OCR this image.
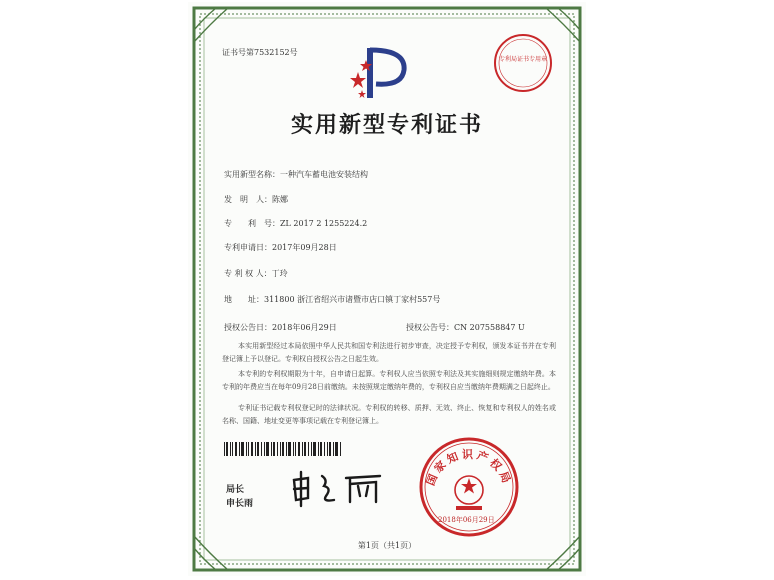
证书号第7532152号
专利局证书专用章
实用新型专利证书
实用新型名称：一种汽车蓄电池安装结构
发　明　人：陈娜
专　　利　号：ZL 2017 2 1255224.2
专利申请日：2017年09月28日
专 利 权 人：丁玲
地　　址：311800 浙江省绍兴市诸暨市店口镇丁家村557号
授权公告日：2018年06月29日	授权公告号：CN 207558847 U
本实用新型经过本局依照中华人民共和国专利法进行初步审查，决定授予专利权，颁发本证书并在专利登记簿上予以登记。专利权自授权公告之日起生效。
本专利的专利权期限为十年，自申请日起算。专利权人应当依照专利法及其实施细则规定缴纳年费。本专利的年费应当在每年09月28日前缴纳。未按照规定缴纳年费的，专利权自应当缴纳年费期满之日起终止。
专利证书记载专利权登记时的法律状况。专利权的转移、质押、无效、终止、恢复和专利权人的姓名或名称、国籍、地址变更等事项记载在专利登记簿上。
局长
申长雨
国家知识产权局
2018年06月29日
第1页（共1页）
